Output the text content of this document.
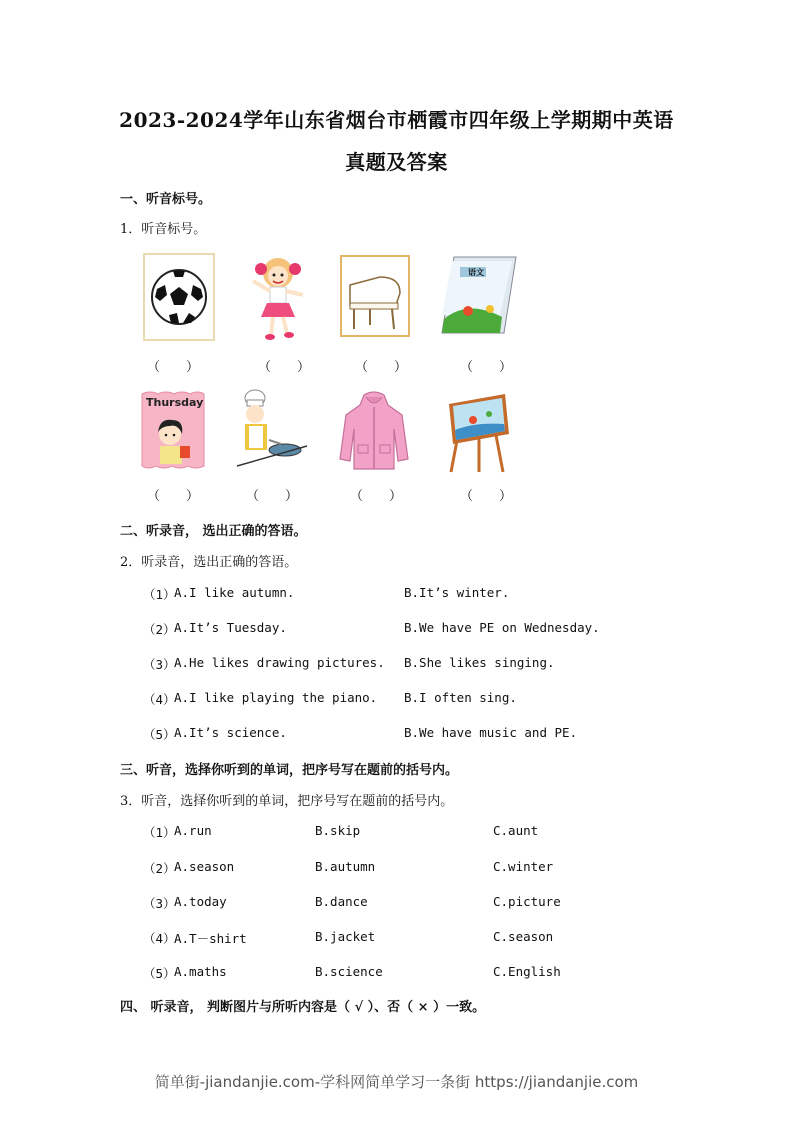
2023-2024学年山东省烟台市栖霞市四年级上学期期中英语
真题及答案
一、听音标号。
1．听音标号。
语文
（　　）	（　　）	（　　）	（　　）
Thursday
（　　）	（　　）	（　　）	（　　）
二、听录音， 选出正确的答语。
2．听录音，选出正确的答语。
（1）
A.I like autumn.	B.It’s winter.
（2）
A.It’s Tuesday.	B.We have PE on Wednesday.
（3）
A.He likes drawing pictures. B.She likes singing.
（4）
A.I like playing the piano. B.I often sing.
（5）
A.It’s science.	B.We have music and PE.
三、听音，选择你听到的单词，把序号写在题前的括号内。
3．听音，选择你听到的单词，把序号写在题前的括号内。
（1）
A.run	B.skip	C.aunt
（2）
A.season	B.autumn	C.winter
（3）
A.today	B.dance	C.picture
（4）
A.T－shirt	B.jacket	C.season
（5）
A.maths	B.science	C.English
四、 听录音， 判断图片与所听内容是（ √ ）、否（ × ）一致。
简单街-jiandanjie.com-学科网简单学习一条街 https://jiandanjie.com
